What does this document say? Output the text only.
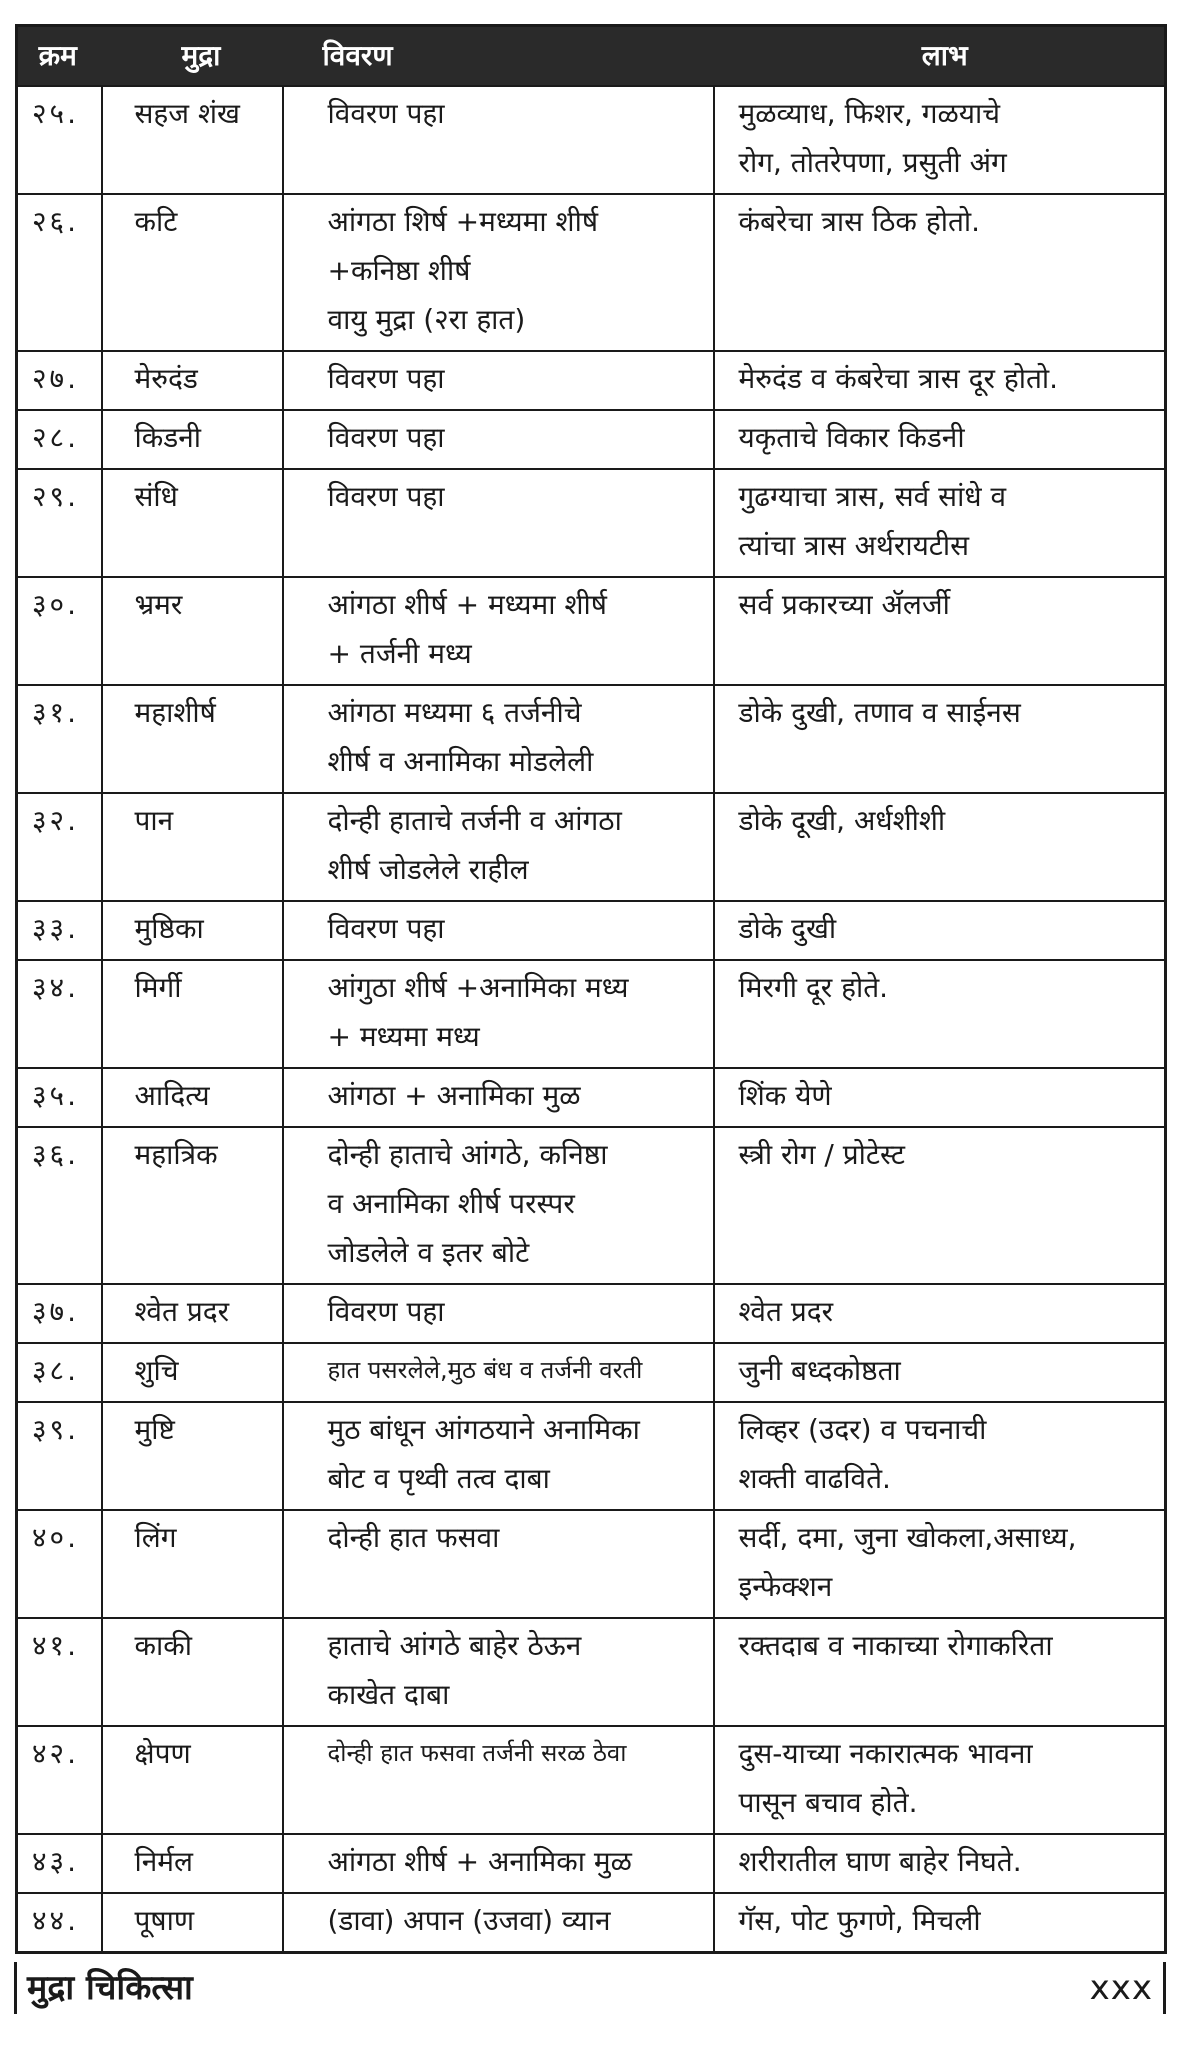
क्रम	मुद्रा	विवरण	लाभ
२५.	सहज शंख	विवरण पहा	मुळव्याध, फिशर, गळयाचे
रोग, तोतरेपणा, प्रसुती अंग

२६.	कटि	आंगठा शिर्ष +मध्यमा शीर्ष
+कनिष्ठा शीर्ष
वायु मुद्रा (२रा हात)	कंबरेचा त्रास ठिक होतो.

२७.	मेरुदंड	विवरण पहा	मेरुदंड व कंबरेचा त्रास दूर होतो.

२८.	किडनी	विवरण पहा	यकृताचे विकार किडनी

२९.	संधि	विवरण पहा	गुढग्याचा त्रास, सर्व सांधे व
त्यांचा त्रास अर्थरायटीस

३०.	भ्रमर	आंगठा शीर्ष + मध्यमा शीर्ष
+ तर्जनी मध्य	सर्व प्रकारच्या ॲलर्जी

३१.	महाशीर्ष	आंगठा मध्यमा ६ तर्जनीचे
शीर्ष व अनामिका मोडलेली	डोके दुखी, तणाव व साईनस

३२.	पान	दोन्ही हाताचे तर्जनी व आंगठा
शीर्ष जोडलेले राहील	डोके दूखी, अर्धशीशी

३३.	मुष्ठिका	विवरण पहा	डोके दुखी

३४.	मिर्गी	आंगुठा शीर्ष +अनामिका मध्य
+ मध्यमा मध्य	मिरगी दूर होते.

३५.	आदित्य	आंगठा + अनामिका मुळ	शिंक येणे

३६.	महात्रिक	दोन्ही हाताचे आंगठे, कनिष्ठा
व अनामिका शीर्ष परस्पर
जोडलेले व इतर बोटे	स्त्री रोग / प्रोटेस्ट

३७.	श्वेत प्रदर	विवरण पहा	श्वेत प्रदर

३८.	शुचि	हात पसरलेले,मुठ बंध व तर्जनी वरती	जुनी बध्दकोष्ठता

३९.	मुष्टि	मुठ बांधून आंगठयाने अनामिका
बोट व पृथ्वी तत्व दाबा	लिव्हर (उदर) व पचनाची
शक्ती वाढविते.

४०.	लिंग	दोन्ही हात फसवा	सर्दी, दमा, जुना खोकला,असाध्य,
इन्फेक्शन

४१.	काकी	हाताचे आंगठे बाहेर ठेऊन
काखेत दाबा	रक्तदाब व नाकाच्या रोगाकरिता

४२.	क्षेपण	दोन्ही हात फसवा तर्जनी सरळ ठेवा	दुस-याच्या नकारात्मक भावना
पासून बचाव होते.

४३.	निर्मल	आंगठा शीर्ष + अनामिका मुळ	शरीरातील घाण बाहेर निघते.

४४.	पूषाण	(डावा) अपान (उजवा) व्यान	गॅस, पोट फुगणे, मिचली
मुद्रा चिकित्सा	xxx
